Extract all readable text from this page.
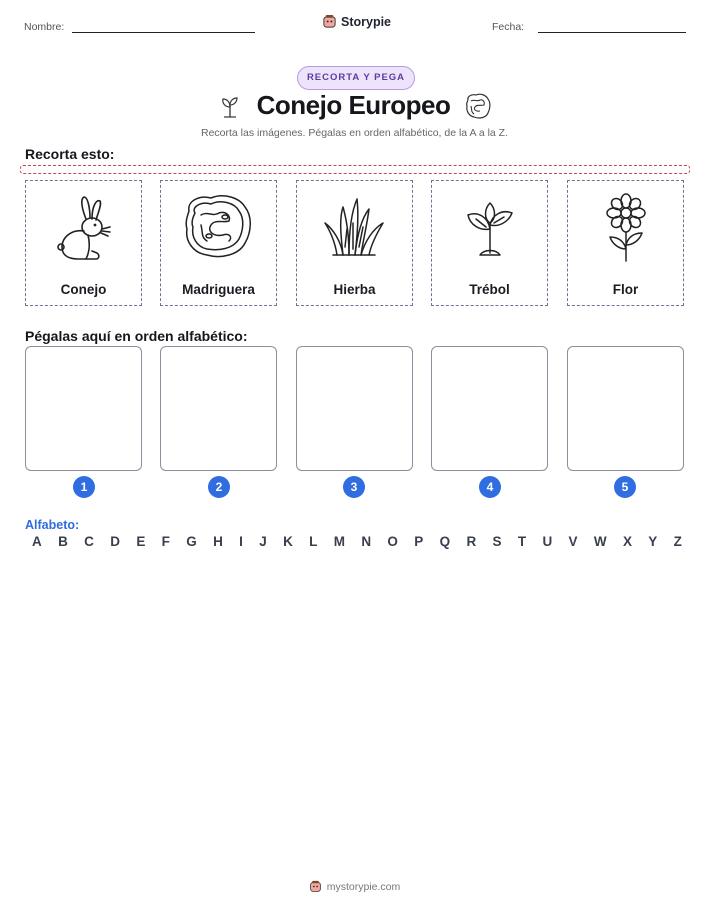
Nombre:	Storypie	Fecha:
RECORTA Y PEGA
Conejo Europeo
Recorta las imágenes. Pégalas en orden alfabético, de la A a la Z.
Recorta esto:
Conejo	Madriguera	Hierba	Trébol	Flor
Pégalas aquí en orden alfabético:
1	2	3	4	5
Alfabeto:
A B C D E F G H I J K L M N O P Q R S T U V W X Y Z
mystorypie.com
